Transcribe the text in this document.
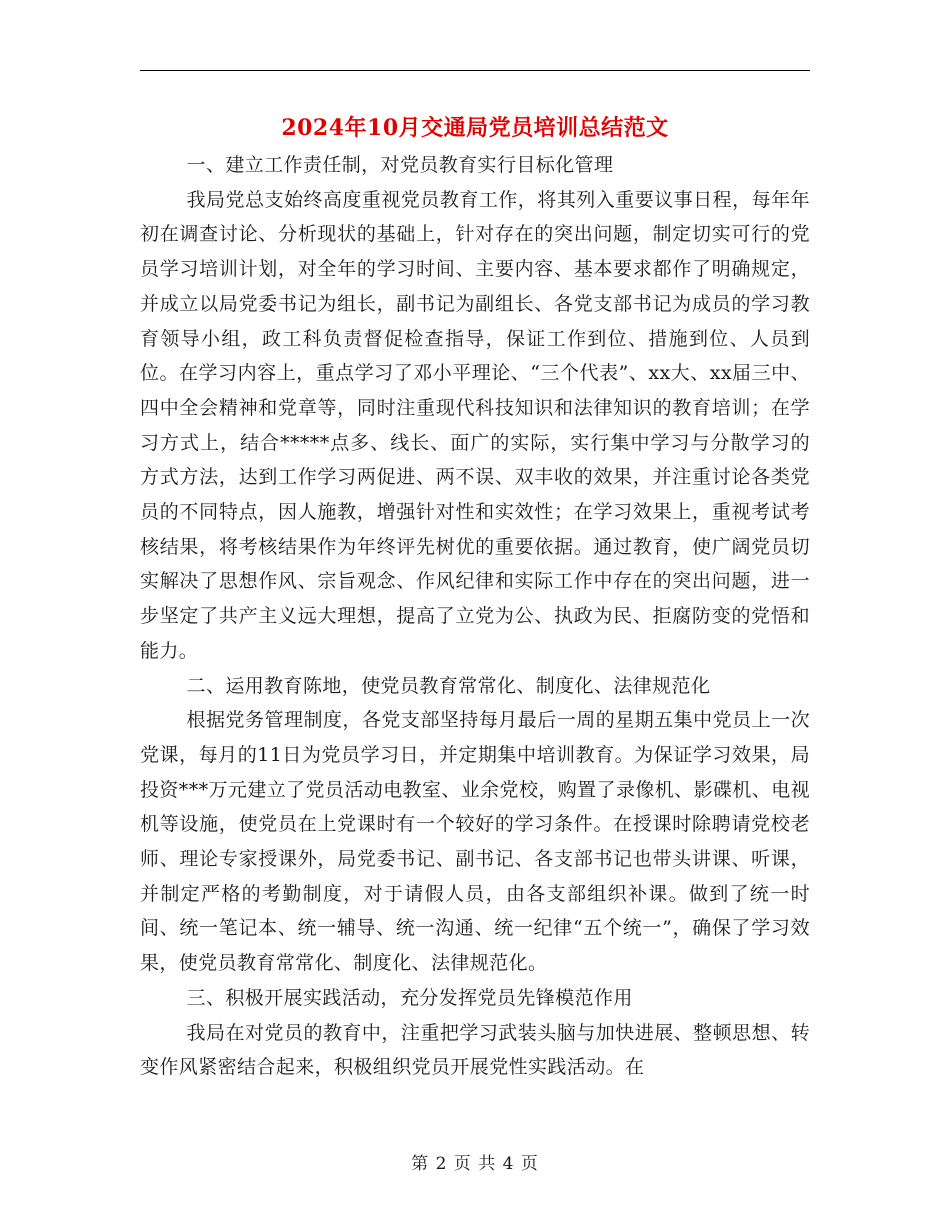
2024年10月交通局党员培训总结范文

一、建立工作责任制，对党员教育实行目标化管理

我局党总支始终高度重视党员教育工作，将其列入重要议事日程，每年年初在调查讨论、分析现状的基础上，针对存在的突出问题，制定切实可行的党员学习培训计划，对全年的学习时间、主要内容、基本要求都作了明确规定，并成立以局党委书记为组长，副书记为副组长、各党支部书记为成员的学习教育领导小组，政工科负责督促检查指导，保证工作到位、措施到位、人员到位。在学习内容上，重点学习了邓小平理论、“三个代表”、xx大、xx届三中、四中全会精神和党章等，同时注重现代科技知识和法律知识的教育培训；在学习方式上，结合*****点多、线长、面广的实际，实行集中学习与分散学习的方式方法，达到工作学习两促进、两不误、双丰收的效果，并注重讨论各类党员的不同特点，因人施教，增强针对性和实效性；在学习效果上，重视考试考核结果，将考核结果作为年终评先树优的重要依据。通过教育，使广阔党员切实解决了思想作风、宗旨观念、作风纪律和实际工作中存在的突出问题，进一步坚定了共产主义远大理想，提高了立党为公、执政为民、拒腐防变的党悟和能力。

二、运用教育陈地，使党员教育常常化、制度化、法律规范化

根据党务管理制度，各党支部坚持每月最后一周的星期五集中党员上一次党课，每月的11日为党员学习日，并定期集中培训教育。为保证学习效果，局投资***万元建立了党员活动电教室、业余党校，购置了录像机、影碟机、电视机等设施，使党员在上党课时有一个较好的学习条件。在授课时除聘请党校老师、理论专家授课外，局党委书记、副书记、各支部书记也带头讲课、听课，并制定严格的考勤制度，对于请假人员，由各支部组织补课。做到了统一时间、统一笔记本、统一辅导、统一沟通、统一纪律“五个统一”，确保了学习效果，使党员教育常常化、制度化、法律规范化。

三、积极开展实践活动，充分发挥党员先锋模范作用

我局在对党员的教育中，注重把学习武装头脑与加快进展、整顿思想、转变作风紧密结合起来，积极组织党员开展党性实践活动。在

第 2 页 共 4 页
